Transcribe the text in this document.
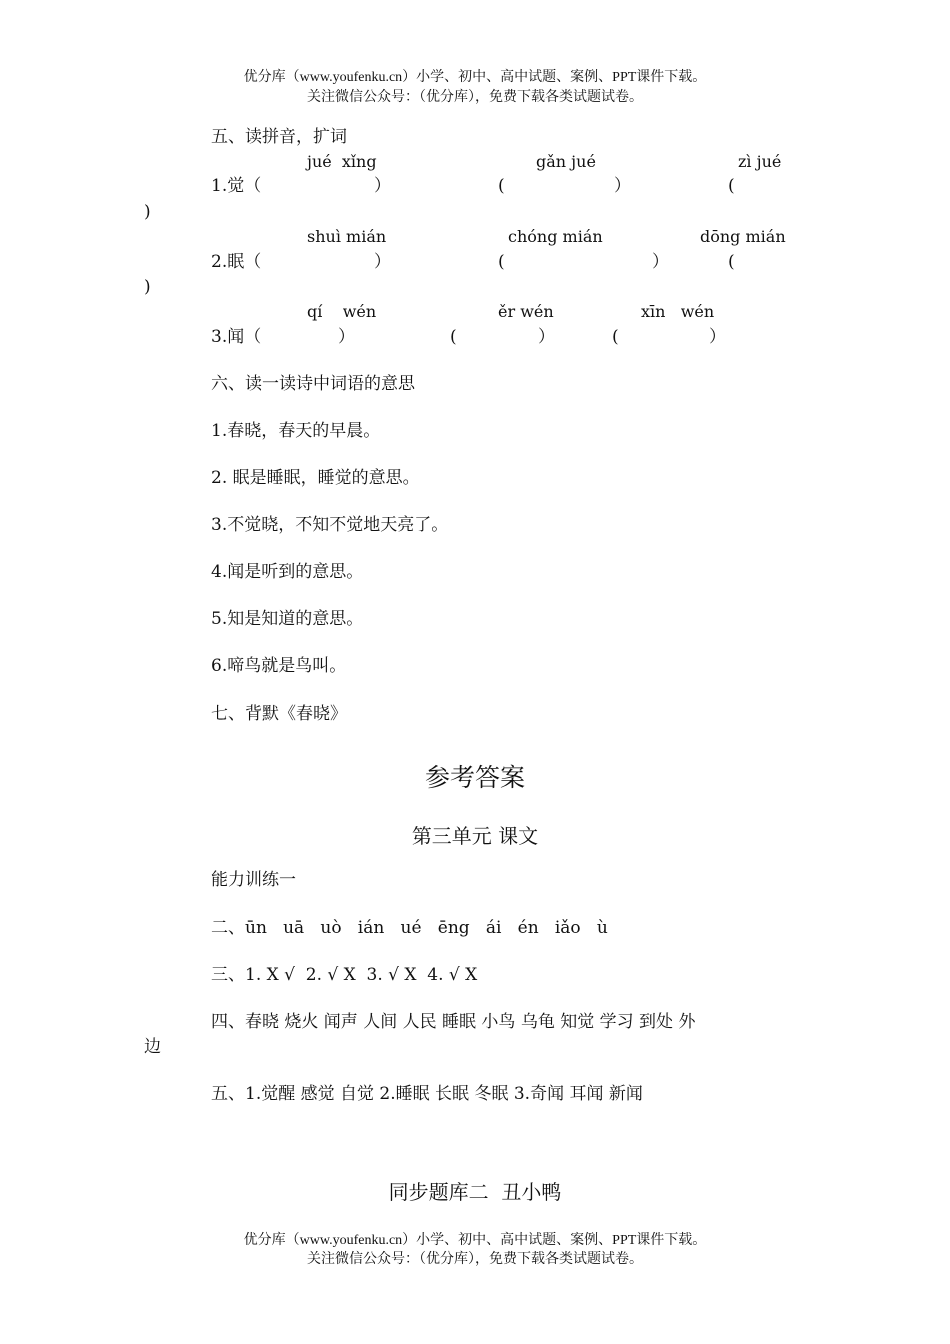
优分库（www.youfenku.cn）小学、初中、高中试题、案例、PPT课件下载。
关注微信公众号：（优分库），免费下载各类试题试卷。
五、读拼音，扩词
jué  xǐng	gǎn jué	zì jué
1.觉（	）	(	）	(
)
shuì mián	chóng mián	dōng mián
2.眠（	）	(	）	(
)
qí    wén	ěr wén	xīn   wén
3.闻（	）	(	）	(	）
六、读一读诗中词语的意思
1.春晓，春天的早晨。
2. 眠是睡眠，睡觉的意思。
3.不觉晓，不知不觉地天亮了。
4.闻是听到的意思。
5.知是知道的意思。
6.啼鸟就是鸟叫。
七、背默《春晓》
参考答案
第三单元 课文
能力训练一
二、ūn   uā   uò   ián   ué   ēng   ái   én   iǎo   ù
三、1. X √  2. √ X  3. √ X  4. √ X
四、春晓 烧火 闻声 人间 人民 睡眠 小鸟 乌龟 知觉 学习 到处 外
边
五、1.觉醒 感觉 自觉 2.睡眠 长眠 冬眠 3.奇闻 耳闻 新闻
同步题库二  丑小鸭
优分库（www.youfenku.cn）小学、初中、高中试题、案例、PPT课件下载。
关注微信公众号：（优分库），免费下载各类试题试卷。
